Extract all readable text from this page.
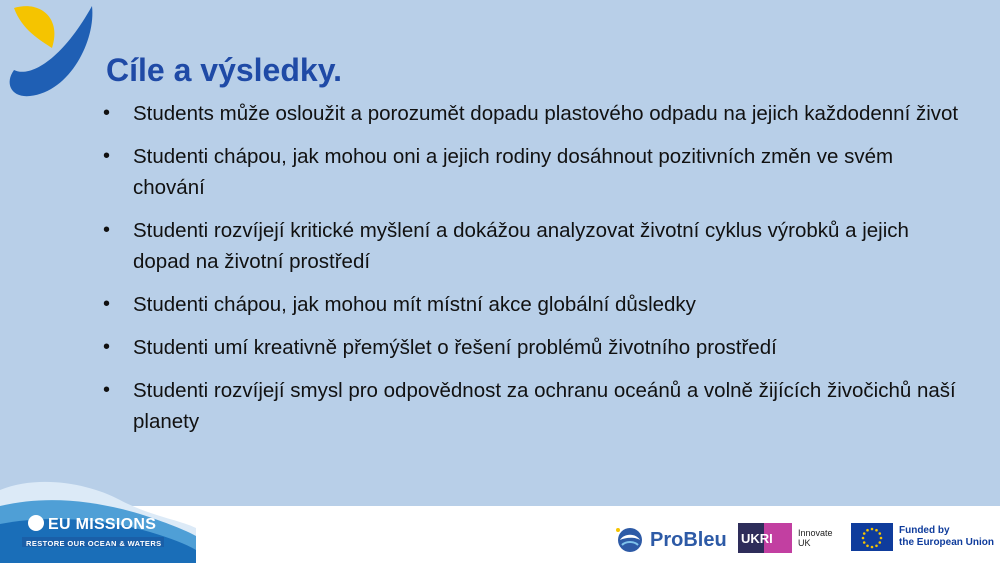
Cíle a výsledky.
• Students může osloužit a porozumět dopadu plastového odpadu na jejich každodenní život
• Studenti chápou, jak mohou oni a jejich rodiny dosáhnout pozitivních změn ve svém chování
• Studenti rozvíjejí kritické myšlení a dokážou analyzovat životní cyklus výrobků a jejich dopad na životní prostředí
• Studenti chápou, jak mohou mít místní akce globální důsledky
• Studenti umí kreativně přemýšlet o řešení problémů životního prostředí
• Studenti rozvíjejí smysl pro odpovědnost za ochranu oceánů a volně žijících živočichů naší planety
EU MISSIONS
RESTORE OUR OCEAN & WATERS	ProBleu UKRI	Innovate
UK
Funded by
the European Union
